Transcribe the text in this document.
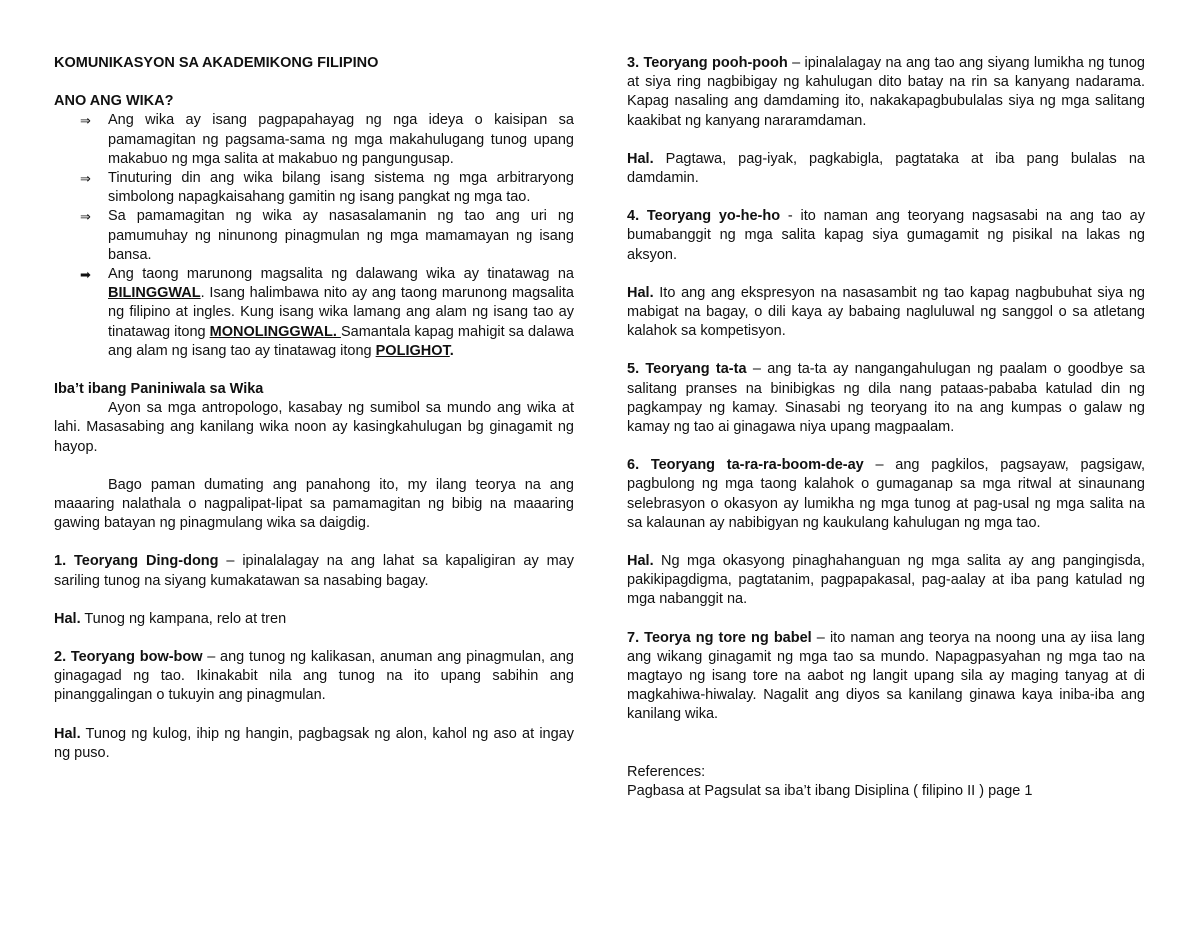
KOMUNIKASYON SA AKADEMIKONG FILIPINO

ANO ANG WIKA?

⇒ Ang wika ay isang pagpapahayag ng nga ideya o kaisipan sa pamamagitan ng pagsama-sama ng mga makahulugang tunog upang makabuo ng mga salita at makabuo ng pangungusap.
⇒ Tinuturing din ang wika bilang isang sistema ng mga arbitraryong simbolong napagkaisahang gamitin ng isang pangkat ng mga tao.
⇒ Sa pamamagitan ng wika ay nasasalamanin ng tao ang uri ng pamumuhay ng ninunong pinagmulan ng mga mamamayan ng isang bansa.
➡ Ang taong marunong magsalita ng dalawang wika ay tinatawag na BILINGGWAL. Isang halimbawa nito ay ang taong marunong magsalita ng filipino at ingles. Kung isang wika lamang ang alam ng isang tao ay tinatawag itong MONOLINGGWAL. Samantala kapag mahigit sa dalawa ang alam ng isang tao ay tinatawag itong POLIGHOT.

Iba’t ibang Paniniwala sa Wika

Ayon sa mga antropologo, kasabay ng sumibol sa mundo ang wika at lahi. Masasabing ang kanilang wika noon ay kasingkahulugan bg ginagamit ng hayop.

Bago paman dumating ang panahong ito, my ilang teorya na ang maaaring nalathala o nagpalipat-lipat sa pamamagitan ng bibig na maaaring gawing batayan ng pinagmulang wika sa daigdig.

1. Teoryang Ding-dong – ipinalalagay na ang lahat sa kapaligiran ay may sariling tunog na siyang kumakatawan sa nasabing bagay.

Hal. Tunog ng kampana, relo at tren

2. Teoryang bow-bow – ang tunog ng kalikasan, anuman ang pinagmulan, ang ginagagad ng tao. Ikinakabit nila ang tunog na ito upang sabihin ang pinanggalingan o tukuyin ang pinagmulan.

Hal. Tunog ng kulog, ihip ng hangin, pagbagsak ng alon, kahol ng aso at ingay ng puso.

3. Teoryang pooh-pooh – ipinalalagay na ang tao ang siyang lumikha ng tunog at siya ring nagbibigay ng kahulugan dito batay na rin sa kanyang nadarama. Kapag nasaling ang damdaming ito, nakakapagbubulalas siya ng mga salitang kaakibat ng kanyang nararamdaman.

Hal. Pagtawa, pag-iyak, pagkabigla, pagtataka at iba pang bulalas na damdamin.

4. Teoryang yo-he-ho - ito naman ang teoryang nagsasabi na ang tao ay bumabanggit ng mga salita kapag siya gumagamit ng pisikal na lakas ng aksyon.

Hal. Ito ang ang ekspresyon na nasasambit ng tao kapag nagbubuhat siya ng mabigat na bagay, o dili kaya ay babaing nagluluwal ng sanggol o sa atletang kalahok sa kompetisyon.

5. Teoryang ta-ta – ang ta-ta ay nangangahulugan ng paalam o goodbye sa salitang pranses na binibigkas ng dila nang pataas-pababa katulad din ng pagkampay ng kamay. Sinasabi ng teoryang ito na ang kumpas o galaw ng kamay ng tao ai ginagawa niya upang magpaalam.

6. Teoryang ta-ra-ra-boom-de-ay – ang pagkilos, pagsayaw, pagsigaw, pagbulong ng mga taong kalahok o gumaganap sa mga ritwal at sinaunang selebrasyon o okasyon ay lumikha ng mga tunog at pag-usal ng mga salita na sa kalaunan ay nabibigyan ng kaukulang kahulugan ng mga tao.

Hal. Ng mga okasyong pinaghahanguan ng mga salita ay ang pangingisda, pakikipagdigma, pagtatanim, pagpapakasal, pag-aalay at iba pang katulad ng mga nabanggit na.

7. Teorya ng tore ng babel – ito naman ang teorya na noong una ay iisa lang ang wikang ginagamit ng mga tao sa mundo. Napagpasyahan ng mga tao na magtayo ng isang tore na aabot ng langit upang sila ay maging tanyag at di magkahiwa-hiwalay. Nagalit ang diyos sa kanilang ginawa kaya iniba-iba ang kanilang wika.

References:

Pagbasa at Pagsulat sa iba’t ibang Disiplina ( filipino II ) page 1
